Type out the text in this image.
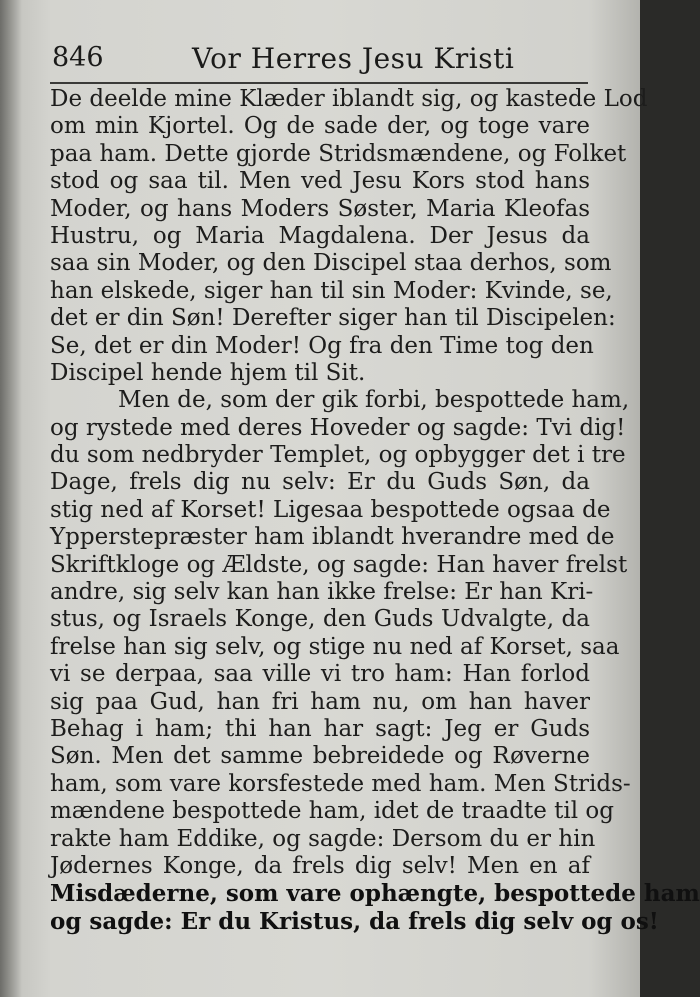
846	Vor Herres Jesu Kristi
De deelde mine Klæder iblandt sig, og kastede Lod
om min Kjortel. Og de sade der, og toge vare
paa ham. Dette gjorde Stridsmændene, og Folket
stod og saa til. Men ved Jesu Kors stod hans
Moder, og hans Moders Søster, Maria Kleofas
Hustru, og Maria Magdalena. Der Jesus da
saa sin Moder, og den Discipel staa derhos, som
han elskede, siger han til sin Moder: Kvinde, se,
det er din Søn! Derefter siger han til Discipelen:
Se, det er din Moder! Og fra den Time tog den
Discipel hende hjem til Sit.
Men de, som der gik forbi, bespottede ham,
og rystede med deres Hoveder og sagde: Tvi dig!
du som nedbryder Templet, og opbygger det i tre
Dage, frels dig nu selv: Er du Guds Søn, da
stig ned af Korset! Ligesaa bespottede ogsaa de
Ypperstepræster ham iblandt hverandre med de
Skriftkloge og Ældste, og sagde: Han haver frelst
andre, sig selv kan han ikke frelse: Er han Kri-
stus, og Israels Konge, den Guds Udvalgte, da
frelse han sig selv, og stige nu ned af Korset, saa
vi se derpaa, saa ville vi tro ham: Han forlod
sig paa Gud, han fri ham nu, om han haver
Behag i ham; thi han har sagt: Jeg er Guds
Søn. Men det samme bebreidede og Røverne
ham, som vare korsfestede med ham. Men Strids-
mændene bespottede ham, idet de traadte til og
rakte ham Eddike, og sagde: Dersom du er hin
Jødernes Konge, da frels dig selv! Men en af
Misdæderne, som vare ophængte, bespottede ham
og sagde: Er du Kristus, da frels dig selv og os!
